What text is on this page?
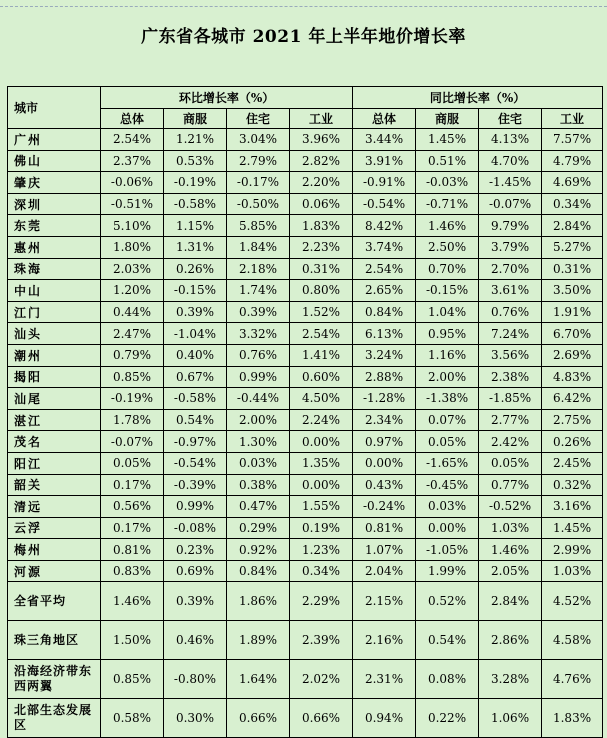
广东省各城市 2021 年上半年地价增长率
城市	环比增长率（%）				同比增长率（%）			
	总体	商服	住宅	工业	总体	商服	住宅	工业
广州	2.54%	1.21%	3.04%	3.96%	3.44%	1.45%	4.13%	7.57%
佛山	2.37%	0.53%	2.79%	2.82%	3.91%	0.51%	4.70%	4.79%
肇庆	-0.06%	-0.19%	-0.17%	2.20%	-0.91%	-0.03%	-1.45%	4.69%
深圳	-0.51%	-0.58%	-0.50%	0.06%	-0.54%	-0.71%	-0.07%	0.34%
东莞	5.10%	1.15%	5.85%	1.83%	8.42%	1.46%	9.79%	2.84%
惠州	1.80%	1.31%	1.84%	2.23%	3.74%	2.50%	3.79%	5.27%
珠海	2.03%	0.26%	2.18%	0.31%	2.54%	0.70%	2.70%	0.31%
中山	1.20%	-0.15%	1.74%	0.80%	2.65%	-0.15%	3.61%	3.50%
江门	0.44%	0.39%	0.39%	1.52%	0.84%	1.04%	0.76%	1.91%
汕头	2.47%	-1.04%	3.32%	2.54%	6.13%	0.95%	7.24%	6.70%
潮州	0.79%	0.40%	0.76%	1.41%	3.24%	1.16%	3.56%	2.69%
揭阳	0.85%	0.67%	0.99%	0.60%	2.88%	2.00%	2.38%	4.83%
汕尾	-0.19%	-0.58%	-0.44%	4.50%	-1.28%	-1.38%	-1.85%	6.42%
湛江	1.78%	0.54%	2.00%	2.24%	2.34%	0.07%	2.77%	2.75%
茂名	-0.07%	-0.97%	1.30%	0.00%	0.97%	0.05%	2.42%	0.26%
阳江	0.05%	-0.54%	0.03%	1.35%	0.00%	-1.65%	0.05%	2.45%
韶关	0.17%	-0.39%	0.38%	0.00%	0.43%	-0.45%	0.77%	0.32%
清远	0.56%	0.99%	0.47%	1.55%	-0.24%	0.03%	-0.52%	3.16%
云浮	0.17%	-0.08%	0.29%	0.19%	0.81%	0.00%	1.03%	1.45%
梅州	0.81%	0.23%	0.92%	1.23%	1.07%	-1.05%	1.46%	2.99%
河源	0.83%	0.69%	0.84%	0.34%	2.04%	1.99%	2.05%	1.03%
全省平均	1.46%	0.39%	1.86%	2.29%	2.15%	0.52%	2.84%	4.52%
珠三角地区	1.50%	0.46%	1.89%	2.39%	2.16%	0.54%	2.86%	4.58%
沿海经济带东西两翼	0.85%	-0.80%	1.64%	2.02%	2.31%	0.08%	3.28%	4.76%
北部生态发展区	0.58%	0.30%	0.66%	0.66%	0.94%	0.22%	1.06%	1.83%
